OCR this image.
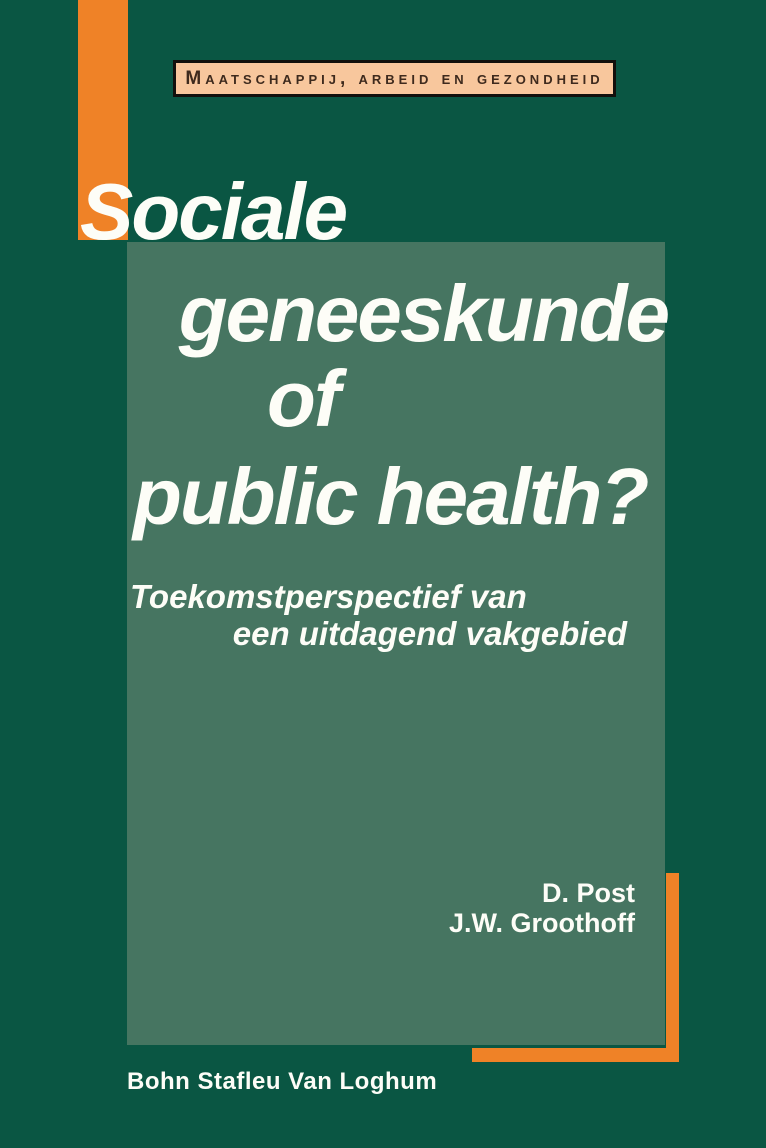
Maatschappij, arbeid en gezondheid
Sociale
geneeskunde
of
public health?
Toekomstperspectief van
een uitdagend vakgebied
D. Post
J.W. Groothoff
Bohn Stafleu Van Loghum
